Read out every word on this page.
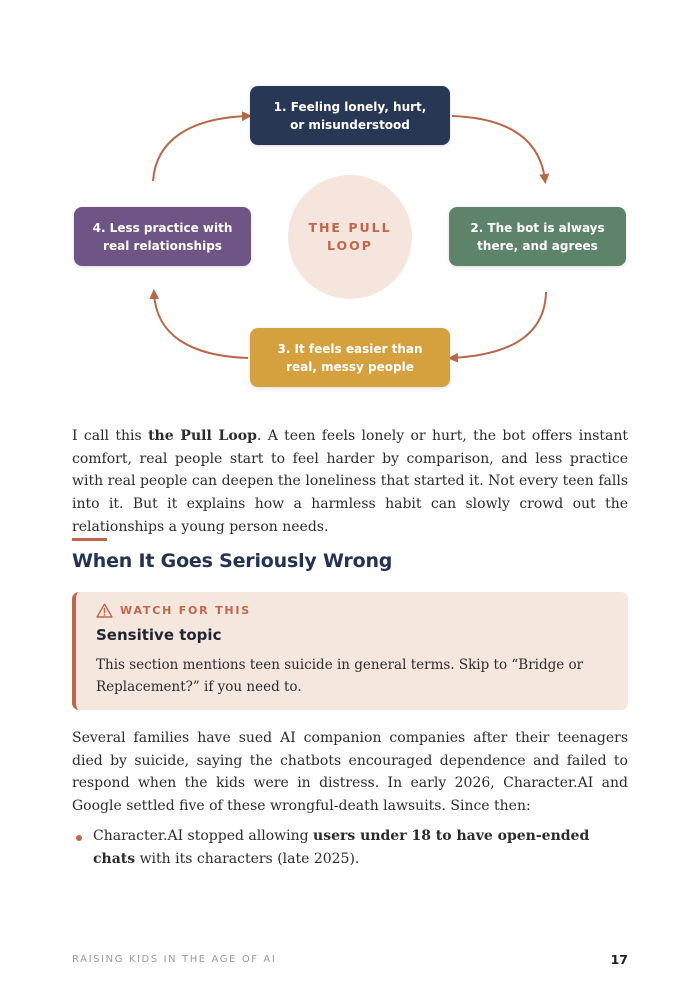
1. Feeling lonely, hurt,
or misunderstood
2. The bot is always
there, and agrees
3. It feels easier than
real, messy people
4. Less practice with
real relationships
THE PULL
LOOP

I call this the Pull Loop. A teen feels lonely or hurt, the bot offers instant comfort, real people start to feel harder by comparison, and less practice with real people can deepen the loneliness that started it. Not every teen falls into it. But it explains how a harmless habit can slowly crowd out the relationships a young person needs.

When It Goes Seriously Wrong
WATCH FOR THIS
Sensitive topic
This section mentions teen suicide in general terms. Skip to “Bridge or Replacement?” if you need to.

Several families have sued AI companion companies after their teenagers died by suicide, saying the chatbots encouraged dependence and failed to respond when the kids were in distress. In early 2026, Character.AI and Google settled five of these wrongful-death lawsuits. Since then:

Character.AI stopped allowing users under 18 to have open-ended chats with its characters (late 2025).
RAISING KIDS IN THE AGE OF AI	17
